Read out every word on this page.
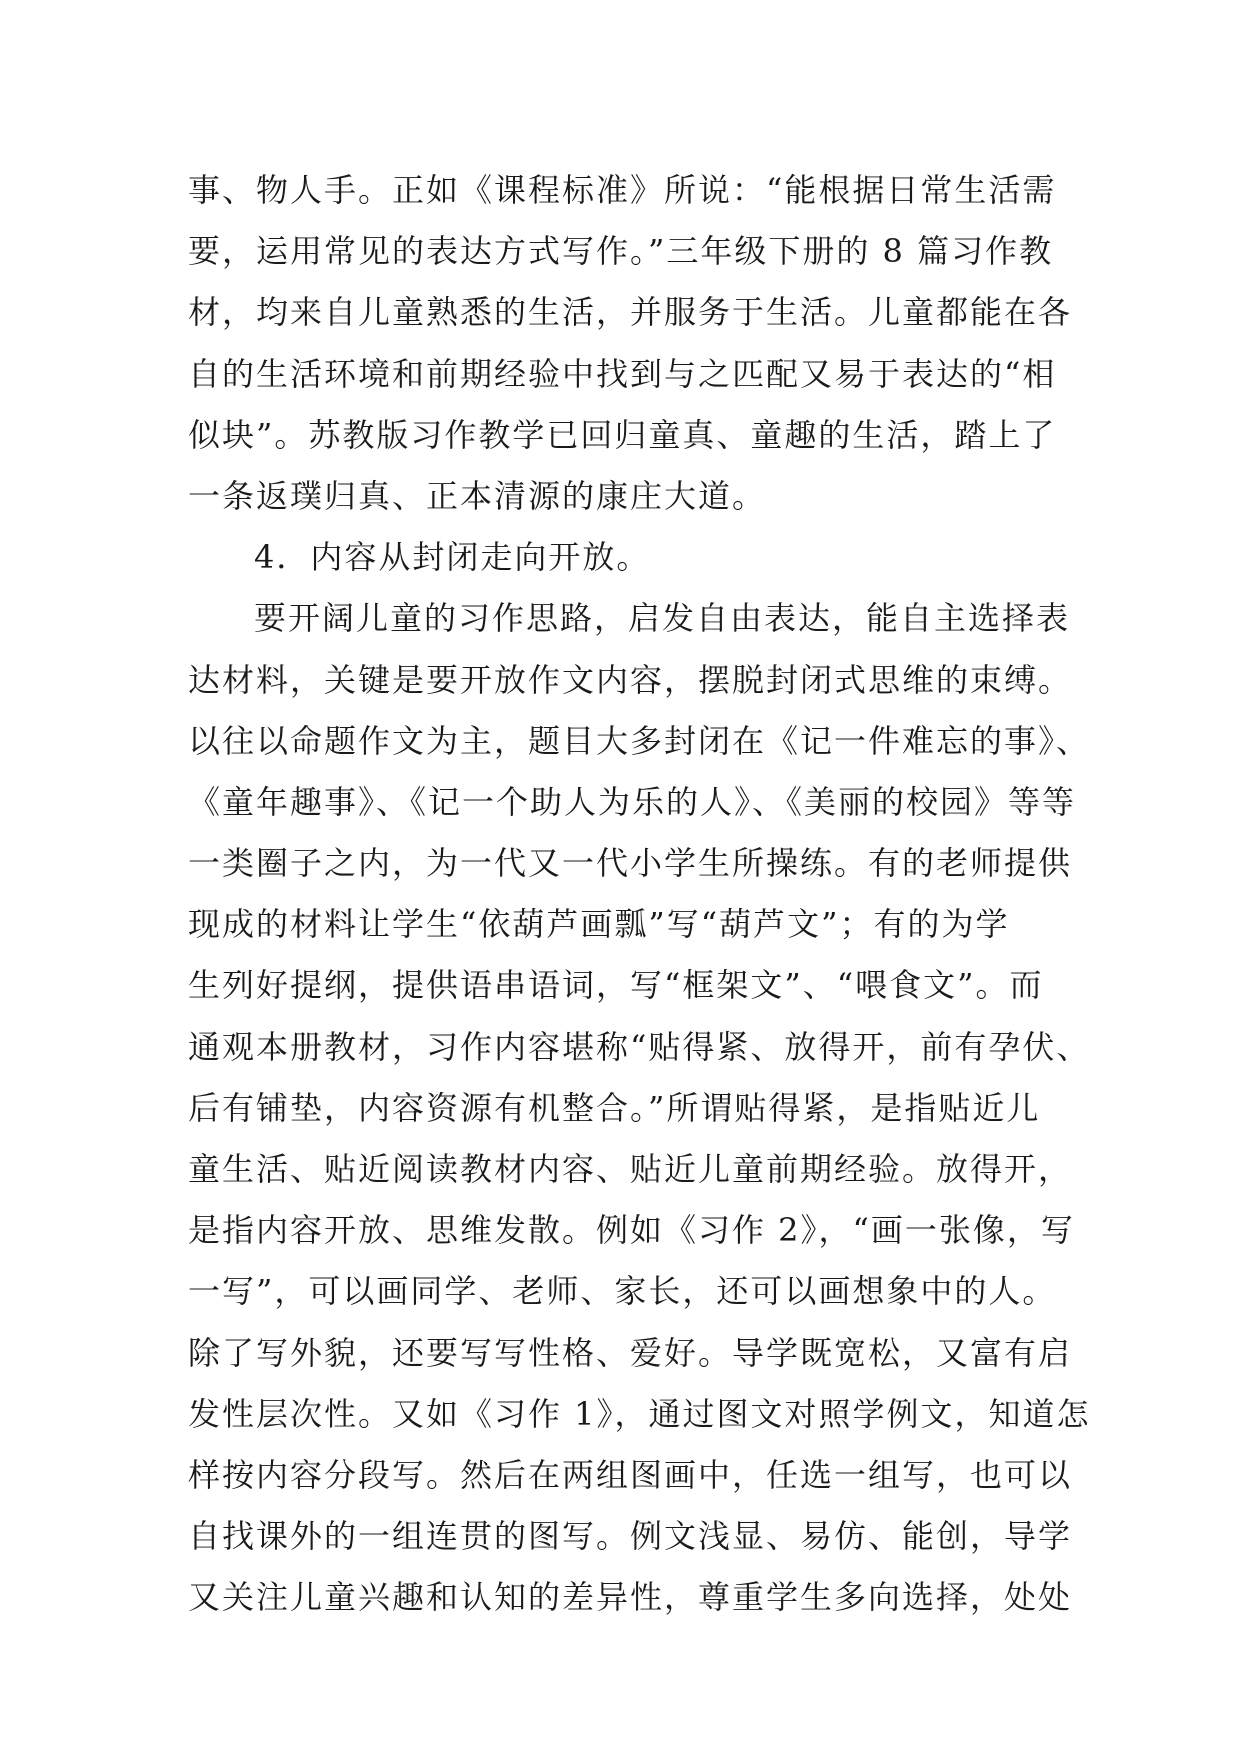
事、物人手。正如《课程标准》所说：“能根据日常生活需
要，运用常见的表达方式写作。”三年级下册的 8 篇习作教
材，均来自儿童熟悉的生活，并服务于生活。儿童都能在各
自的生活环境和前期经验中找到与之匹配又易于表达的“相
似块”。苏教版习作教学已回归童真、童趣的生活，踏上了
一条返璞归真、正本清源的康庄大道。
4．内容从封闭走向开放。
要开阔儿童的习作思路，启发自由表达，能自主选择表
达材料，关键是要开放作文内容，摆脱封闭式思维的束缚。
以往以命题作文为主，题目大多封闭在《记一件难忘的事》、
《童年趣事》、《记一个助人为乐的人》、《美丽的校园》等等
一类圈子之内，为一代又一代小学生所操练。有的老师提供
现成的材料让学生“依葫芦画瓢”写“葫芦文”；有的为学
生列好提纲，提供语串语词，写“框架文”、“喂食文”。而
通观本册教材，习作内容堪称“贴得紧、放得开，前有孕伏、
后有铺垫，内容资源有机整合。”所谓贴得紧，是指贴近儿
童生活、贴近阅读教材内容、贴近儿童前期经验。放得开，
是指内容开放、思维发散。例如《习作 2》，“画一张像，写
一写”，可以画同学、老师、家长，还可以画想象中的人。
除了写外貌，还要写写性格、爱好。导学既宽松，又富有启
发性层次性。又如《习作 1》，通过图文对照学例文，知道怎
样按内容分段写。然后在两组图画中，任选一组写，也可以
自找课外的一组连贯的图写。例文浅显、易仿、能创，导学
又关注儿童兴趣和认知的差异性，尊重学生多向选择，处处
